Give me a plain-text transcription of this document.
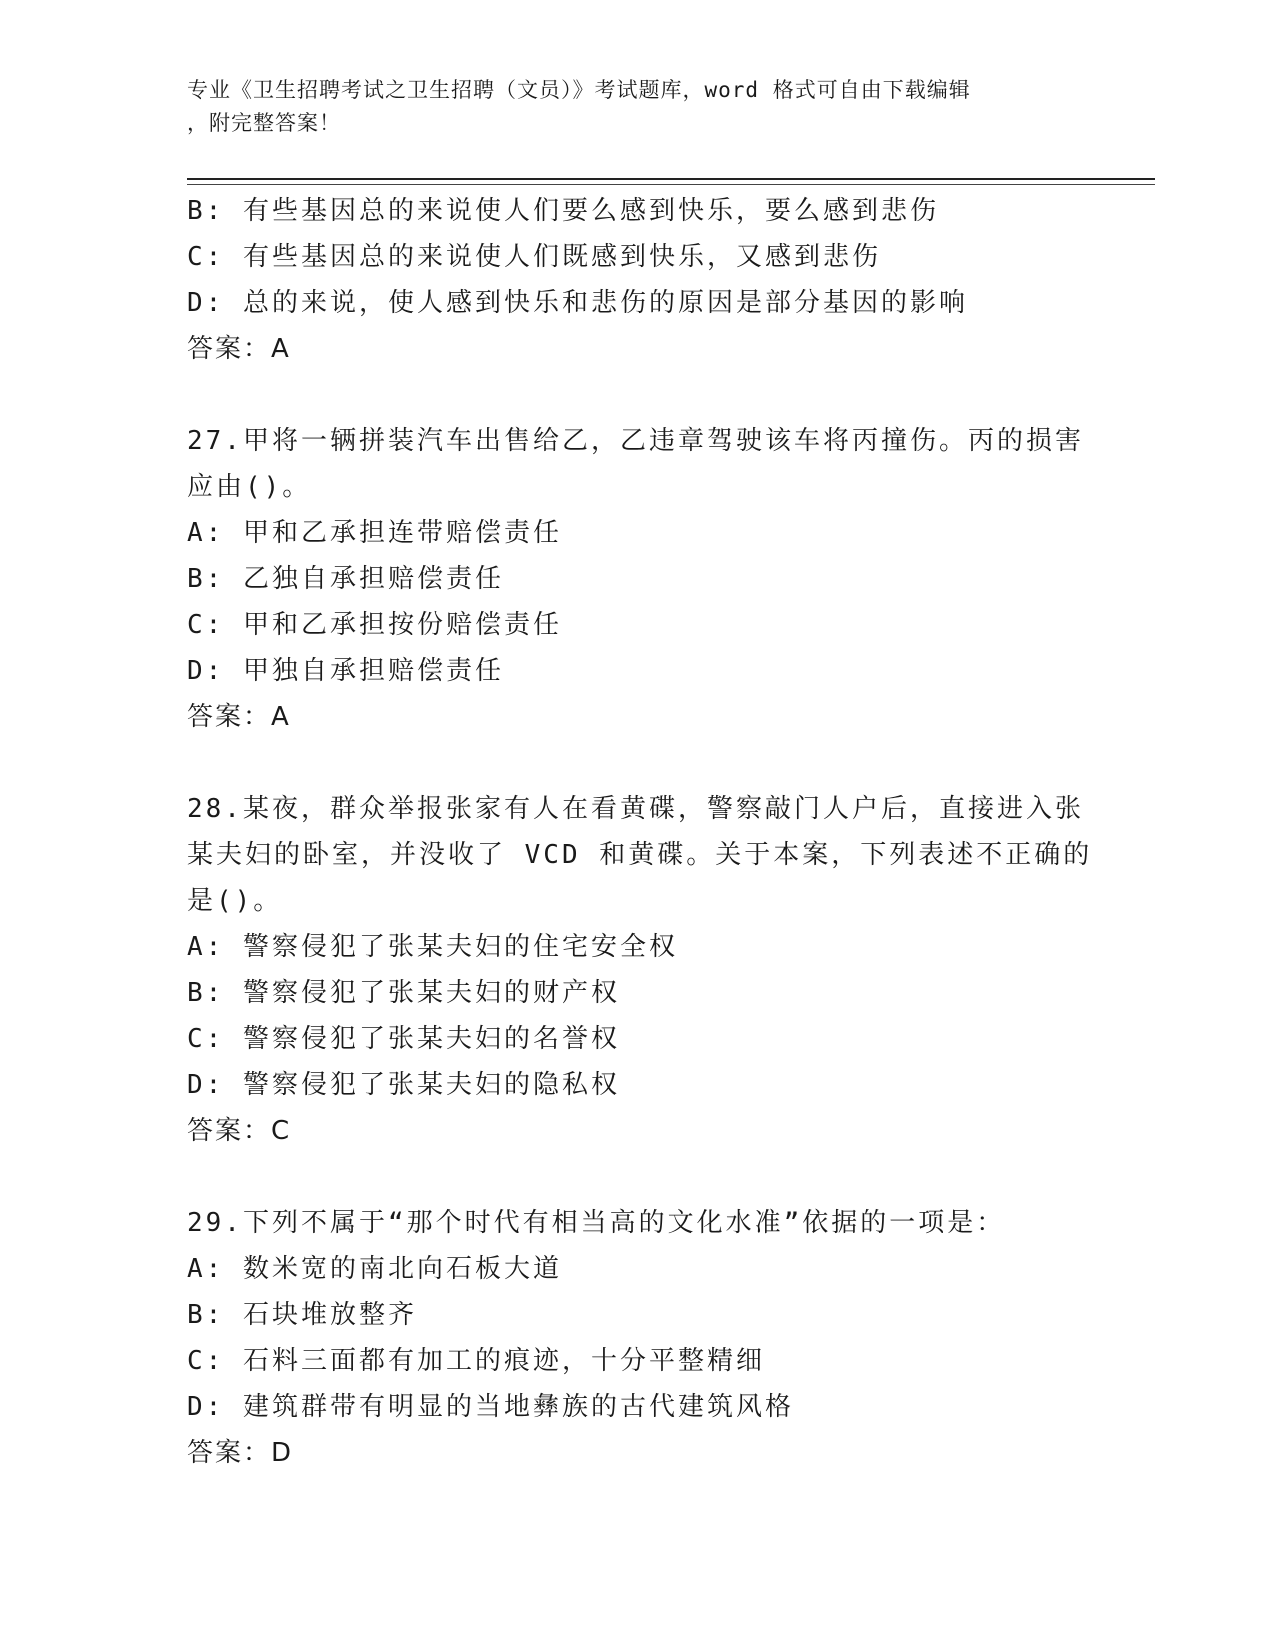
专业《卫生招聘考试之卫生招聘（文员）》考试题库，word 格式可自由下载编辑
，附完整答案！
B: 有些基因总的来说使人们要么感到快乐，要么感到悲伤
C: 有些基因总的来说使人们既感到快乐，又感到悲伤
D: 总的来说，使人感到快乐和悲伤的原因是部分基因的影响
答案：A
27.甲将一辆拼装汽车出售给乙，乙违章驾驶该车将丙撞伤。丙的损害
应由()。
A: 甲和乙承担连带赔偿责任
B: 乙独自承担赔偿责任
C: 甲和乙承担按份赔偿责任
D: 甲独自承担赔偿责任
答案：A
28.某夜，群众举报张家有人在看黄碟，警察敲门人户后，直接进入张
某夫妇的卧室，并没收了 VCD 和黄碟。关于本案，下列表述不正确的
是()。
A: 警察侵犯了张某夫妇的住宅安全权
B: 警察侵犯了张某夫妇的财产权
C: 警察侵犯了张某夫妇的名誉权
D: 警察侵犯了张某夫妇的隐私权
答案：C
29.下列不属于“那个时代有相当高的文化水准”依据的一项是：
A: 数米宽的南北向石板大道
B: 石块堆放整齐
C: 石料三面都有加工的痕迹，十分平整精细
D: 建筑群带有明显的当地彝族的古代建筑风格
答案：D
